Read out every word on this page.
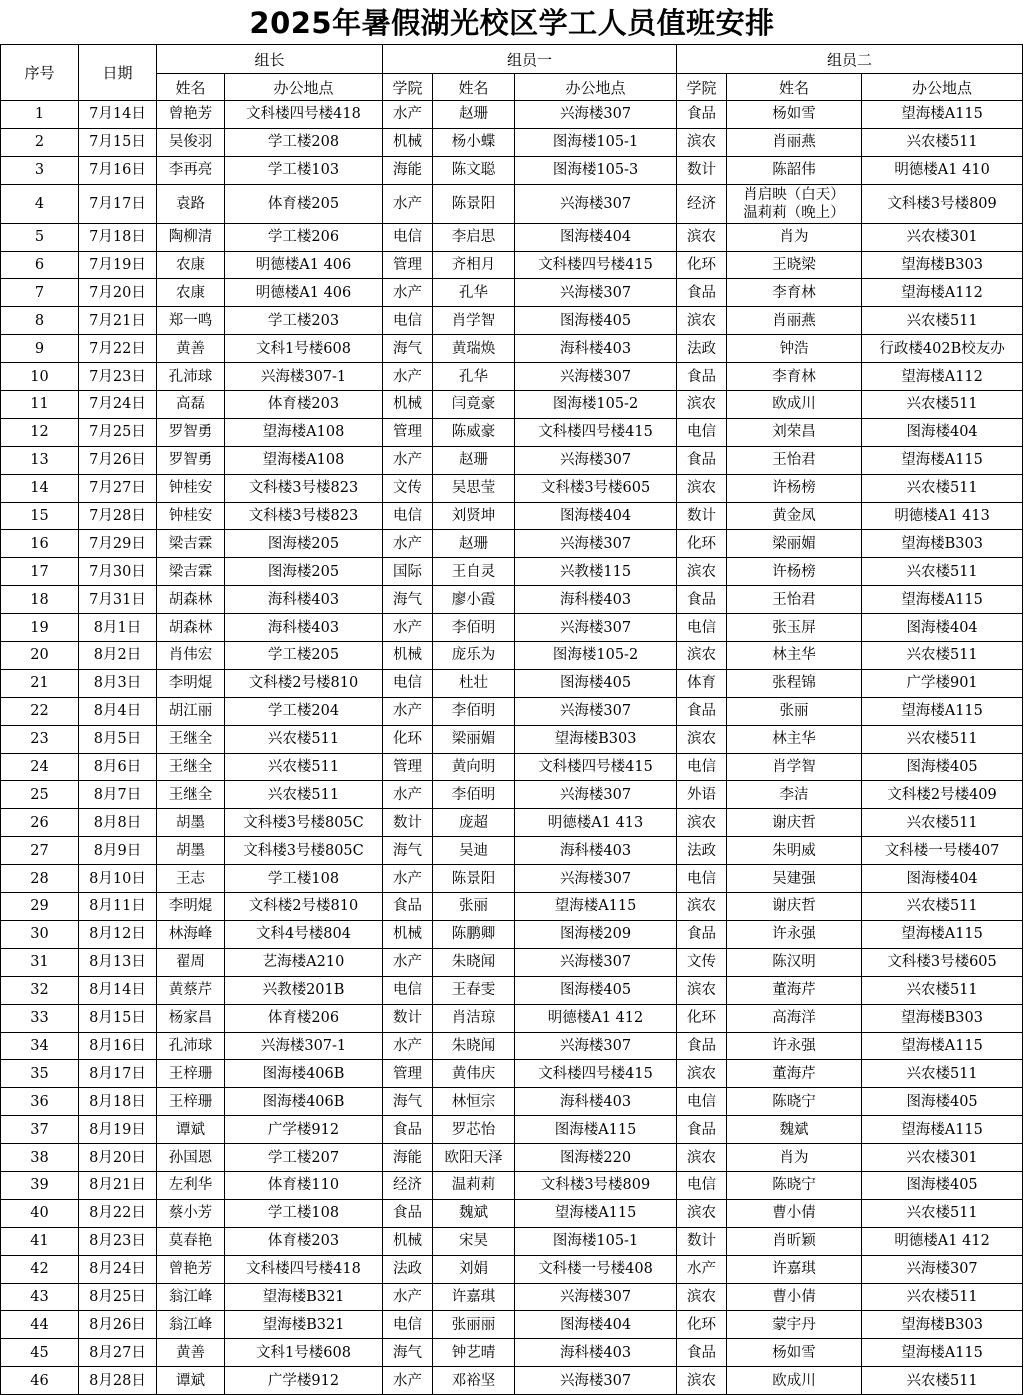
2025年暑假湖光校区学工人员值班安排
序号	日期	组长		组员一			组员二		
		姓名	办公地点	学院	姓名	办公地点	学院	姓名	办公地点
1	7月14日	曾艳芳	文科楼四号楼418	水产	赵珊	兴海楼307	食品	杨如雪	望海楼A115
2	7月15日	吴俊羽	学工楼208	机械	杨小蝶	图海楼105-1	滨农	肖丽燕	兴农楼511
3	7月16日	李再亮	学工楼103	海能	陈文聪	图海楼105-3	数计	陈韶伟	明德楼A1 410
4	7月17日	袁路	体育楼205	水产	陈景阳	兴海楼307	经济	肖启映（白天）
温莉莉（晚上）	文科楼3号楼809
5	7月18日	陶柳清	学工楼206	电信	李启思	图海楼404	滨农	肖为	兴农楼301
6	7月19日	农康	明德楼A1 406	管理	齐相月	文科楼四号楼415	化环	王晓梁	望海楼B303
7	7月20日	农康	明德楼A1 406	水产	孔华	兴海楼307	食品	李育林	望海楼A112
8	7月21日	郑一鸣	学工楼203	电信	肖学智	图海楼405	滨农	肖丽燕	兴农楼511
9	7月22日	黄善	文科1号楼608	海气	黄瑞焕	海科楼403	法政	钟浩	行政楼402B校友办
10	7月23日	孔沛球	兴海楼307-1	水产	孔华	兴海楼307	食品	李育林	望海楼A112
11	7月24日	高磊	体育楼203	机械	闫竟豪	图海楼105-2	滨农	欧成川	兴农楼511
12	7月25日	罗智勇	望海楼A108	管理	陈威豪	文科楼四号楼415	电信	刘荣昌	图海楼404
13	7月26日	罗智勇	望海楼A108	水产	赵珊	兴海楼307	食品	王怡君	望海楼A115
14	7月27日	钟桂安	文科楼3号楼823	文传	吴思莹	文科楼3号楼605	滨农	许杨榜	兴农楼511
15	7月28日	钟桂安	文科楼3号楼823	电信	刘贤坤	图海楼404	数计	黄金凤	明德楼A1 413
16	7月29日	梁吉霖	图海楼205	水产	赵珊	兴海楼307	化环	梁丽媚	望海楼B303
17	7月30日	梁吉霖	图海楼205	国际	王自灵	兴教楼115	滨农	许杨榜	兴农楼511
18	7月31日	胡森林	海科楼403	海气	廖小霞	海科楼403	食品	王怡君	望海楼A115
19	8月1日	胡森林	海科楼403	水产	李佰明	兴海楼307	电信	张玉屏	图海楼404
20	8月2日	肖伟宏	学工楼205	机械	庞乐为	图海楼105-2	滨农	林主华	兴农楼511
21	8月3日	李明焜	文科楼2号楼810	电信	杜壮	图海楼405	体育	张程锦	广学楼901
22	8月4日	胡江丽	学工楼204	水产	李佰明	兴海楼307	食品	张丽	望海楼A115
23	8月5日	王继全	兴农楼511	化环	梁丽媚	望海楼B303	滨农	林主华	兴农楼511
24	8月6日	王继全	兴农楼511	管理	黄向明	文科楼四号楼415	电信	肖学智	图海楼405
25	8月7日	王继全	兴农楼511	水产	李佰明	兴海楼307	外语	李洁	文科楼2号楼409
26	8月8日	胡墨	文科楼3号楼805C	数计	庞超	明德楼A1 413	滨农	谢庆哲	兴农楼511
27	8月9日	胡墨	文科楼3号楼805C	海气	吴迪	海科楼403	法政	朱明威	文科楼一号楼407
28	8月10日	王志	学工楼108	水产	陈景阳	兴海楼307	电信	吴建强	图海楼404
29	8月11日	李明焜	文科楼2号楼810	食品	张丽	望海楼A115	滨农	谢庆哲	兴农楼511
30	8月12日	林海峰	文科4号楼804	机械	陈鹏卿	图海楼209	食品	许永强	望海楼A115
31	8月13日	翟周	艺海楼A210	水产	朱晓闻	兴海楼307	文传	陈汉明	文科楼3号楼605
32	8月14日	黄蔡芹	兴教楼201B	电信	王春雯	图海楼405	滨农	董海芹	兴农楼511
33	8月15日	杨家昌	体育楼206	数计	肖洁琼	明德楼A1 412	化环	高海洋	望海楼B303
34	8月16日	孔沛球	兴海楼307-1	水产	朱晓闻	兴海楼307	食品	许永强	望海楼A115
35	8月17日	王梓珊	图海楼406B	管理	黄伟庆	文科楼四号楼415	滨农	董海芹	兴农楼511
36	8月18日	王梓珊	图海楼406B	海气	林恒宗	海科楼403	电信	陈晓宁	图海楼405
37	8月19日	谭斌	广学楼912	食品	罗芯怡	图海楼A115	食品	魏斌	望海楼A115
38	8月20日	孙国恩	学工楼207	海能	欧阳天泽	图海楼220	滨农	肖为	兴农楼301
39	8月21日	左利华	体育楼110	经济	温莉莉	文科楼3号楼809	电信	陈晓宁	图海楼405
40	8月22日	蔡小芳	学工楼108	食品	魏斌	望海楼A115	滨农	曹小倩	兴农楼511
41	8月23日	莫春艳	体育楼203	机械	宋昊	图海楼105-1	数计	肖昕颖	明德楼A1 412
42	8月24日	曾艳芳	文科楼四号楼418	法政	刘娟	文科楼一号楼408	水产	许嘉琪	兴海楼307
43	8月25日	翁江峰	望海楼B321	水产	许嘉琪	兴海楼307	滨农	曹小倩	兴农楼511
44	8月26日	翁江峰	望海楼B321	电信	张丽丽	图海楼404	化环	蒙宇丹	望海楼B303
45	8月27日	黄善	文科1号楼608	海气	钟艺晴	海科楼403	食品	杨如雪	望海楼A115
46	8月28日	谭斌	广学楼912	水产	邓裕坚	兴海楼307	滨农	欧成川	兴农楼511
